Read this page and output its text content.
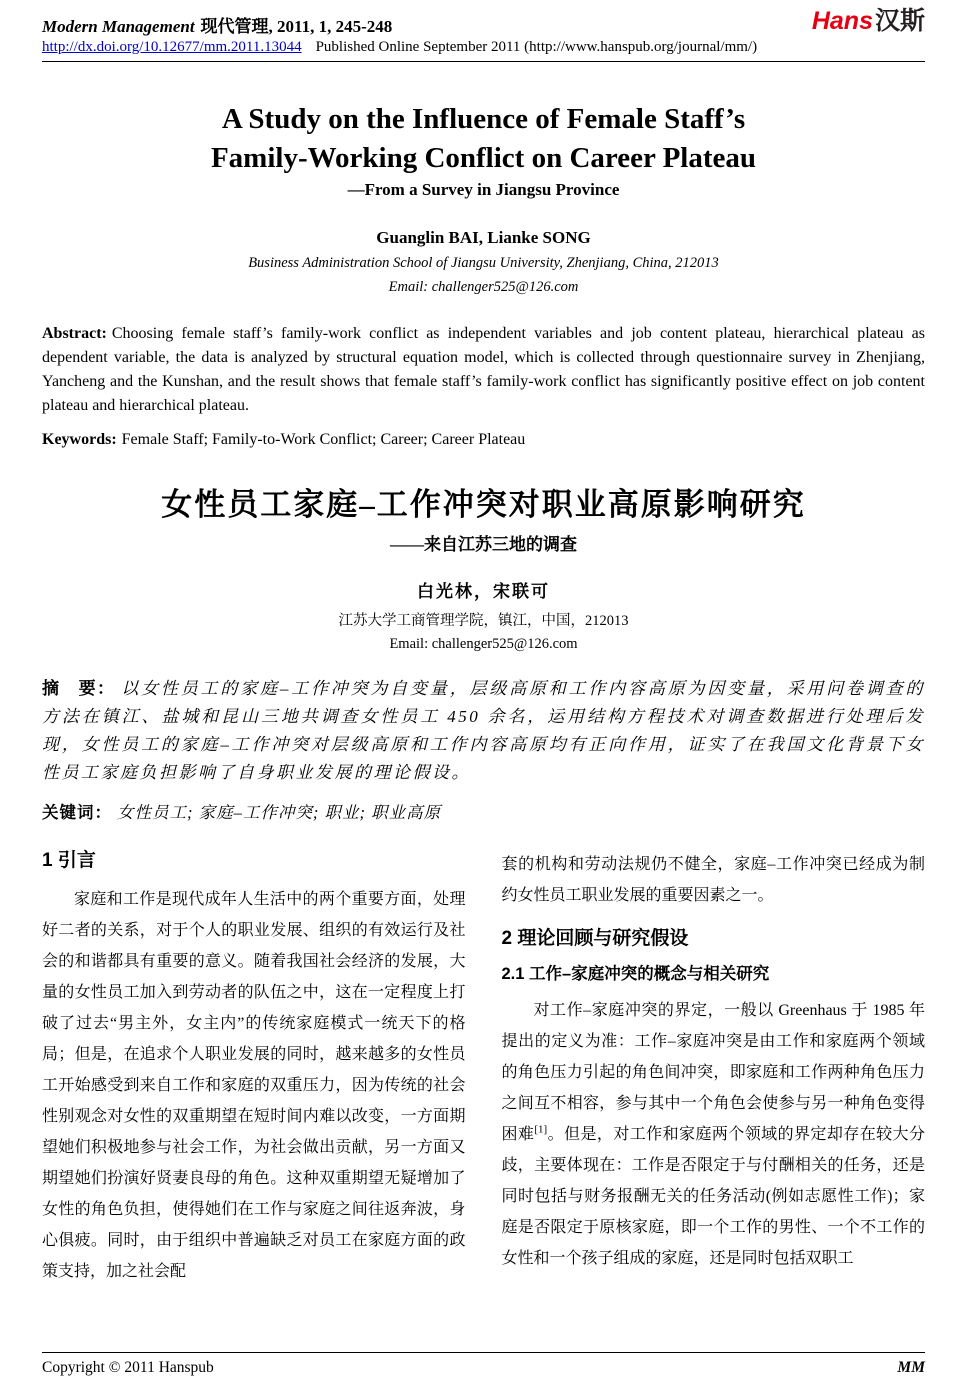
Modern Management 现代管理, 2011, 1, 245-248	Hans汉斯
http://dx.doi.org/10.12677/mm.2011.13044 Published Online September 2011 (http://www.hanspub.org/journal/mm/)
A Study on the Influence of Female Staff’s
Family-Working Conflict on Career Plateau
—From a Survey in Jiangsu Province
Guanglin BAI, Lianke SONG
Business Administration School of Jiangsu University, Zhenjiang, China, 212013
Email: challenger525@126.com

Abstract: Choosing female staff’s family-work conflict as independent variables and job content plateau, hierarchical plateau as dependent variable, the data is analyzed by structural equation model, which is collected through questionnaire survey in Zhenjiang, Yancheng and the Kunshan, and the result shows that female staff’s family-work conflict has significantly positive effect on job content plateau and hierarchical plateau.

Keywords: Female Staff; Family-to-Work Conflict; Career; Career Plateau

女性员工家庭–工作冲突对职业高原影响研究
——来自江苏三地的调查
白光林，宋联可
江苏大学工商管理学院，镇江，中国，212013
Email: challenger525@126.com

摘　要： 以女性员工的家庭–工作冲突为自变量，层级高原和工作内容高原为因变量，采用问卷调查的方法在镇江、盐城和昆山三地共调查女性员工 450 余名，运用结构方程技术对调查数据进行处理后发现，女性员工的家庭–工作冲突对层级高原和工作内容高原均有正向作用，证实了在我国文化背景下女性员工家庭负担影响了自身职业发展的理论假设。

关键词： 女性员工; 家庭–工作冲突; 职业; 职业高原

1 引言

家庭和工作是现代成年人生活中的两个重要方面，处理好二者的关系，对于个人的职业发展、组织的有效运行及社会的和谐都具有重要的意义。随着我国社会经济的发展，大量的女性员工加入到劳动者的队伍之中，这在一定程度上打破了过去“男主外，女主内”的传统家庭模式一统天下的格局；但是，在追求个人职业发展的同时，越来越多的女性员工开始感受到来自工作和家庭的双重压力，因为传统的社会性别观念对女性的双重期望在短时间内难以改变，一方面期望她们积极地参与社会工作，为社会做出贡献，另一方面又期望她们扮演好贤妻良母的角色。这种双重期望无疑增加了女性的角色负担，使得她们在工作与家庭之间往返奔波，身心俱疲。同时，由于组织中普遍缺乏对员工在家庭方面的政策支持，加之社会配

套的机构和劳动法规仍不健全，家庭–工作冲突已经成为制约女性员工职业发展的重要因素之一。

2 理论回顾与研究假设
2.1 工作–家庭冲突的概念与相关研究

对工作–家庭冲突的界定，一般以 Greenhaus 于 1985 年提出的定义为准：工作–家庭冲突是由工作和家庭两个领域的角色压力引起的角色间冲突，即家庭和工作两种角色压力之间互不相容，参与其中一个角色会使参与另一种角色变得困难[1]。但是，对工作和家庭两个领域的界定却存在较大分歧，主要体现在：工作是否限定于与付酬相关的任务，还是同时包括与财务报酬无关的任务活动(例如志愿性工作)；家庭是否限定于原核家庭，即一个工作的男性、一个不工作的女性和一个孩子组成的家庭，还是同时包括双职工

Copyright © 2011 Hanspub	MM
